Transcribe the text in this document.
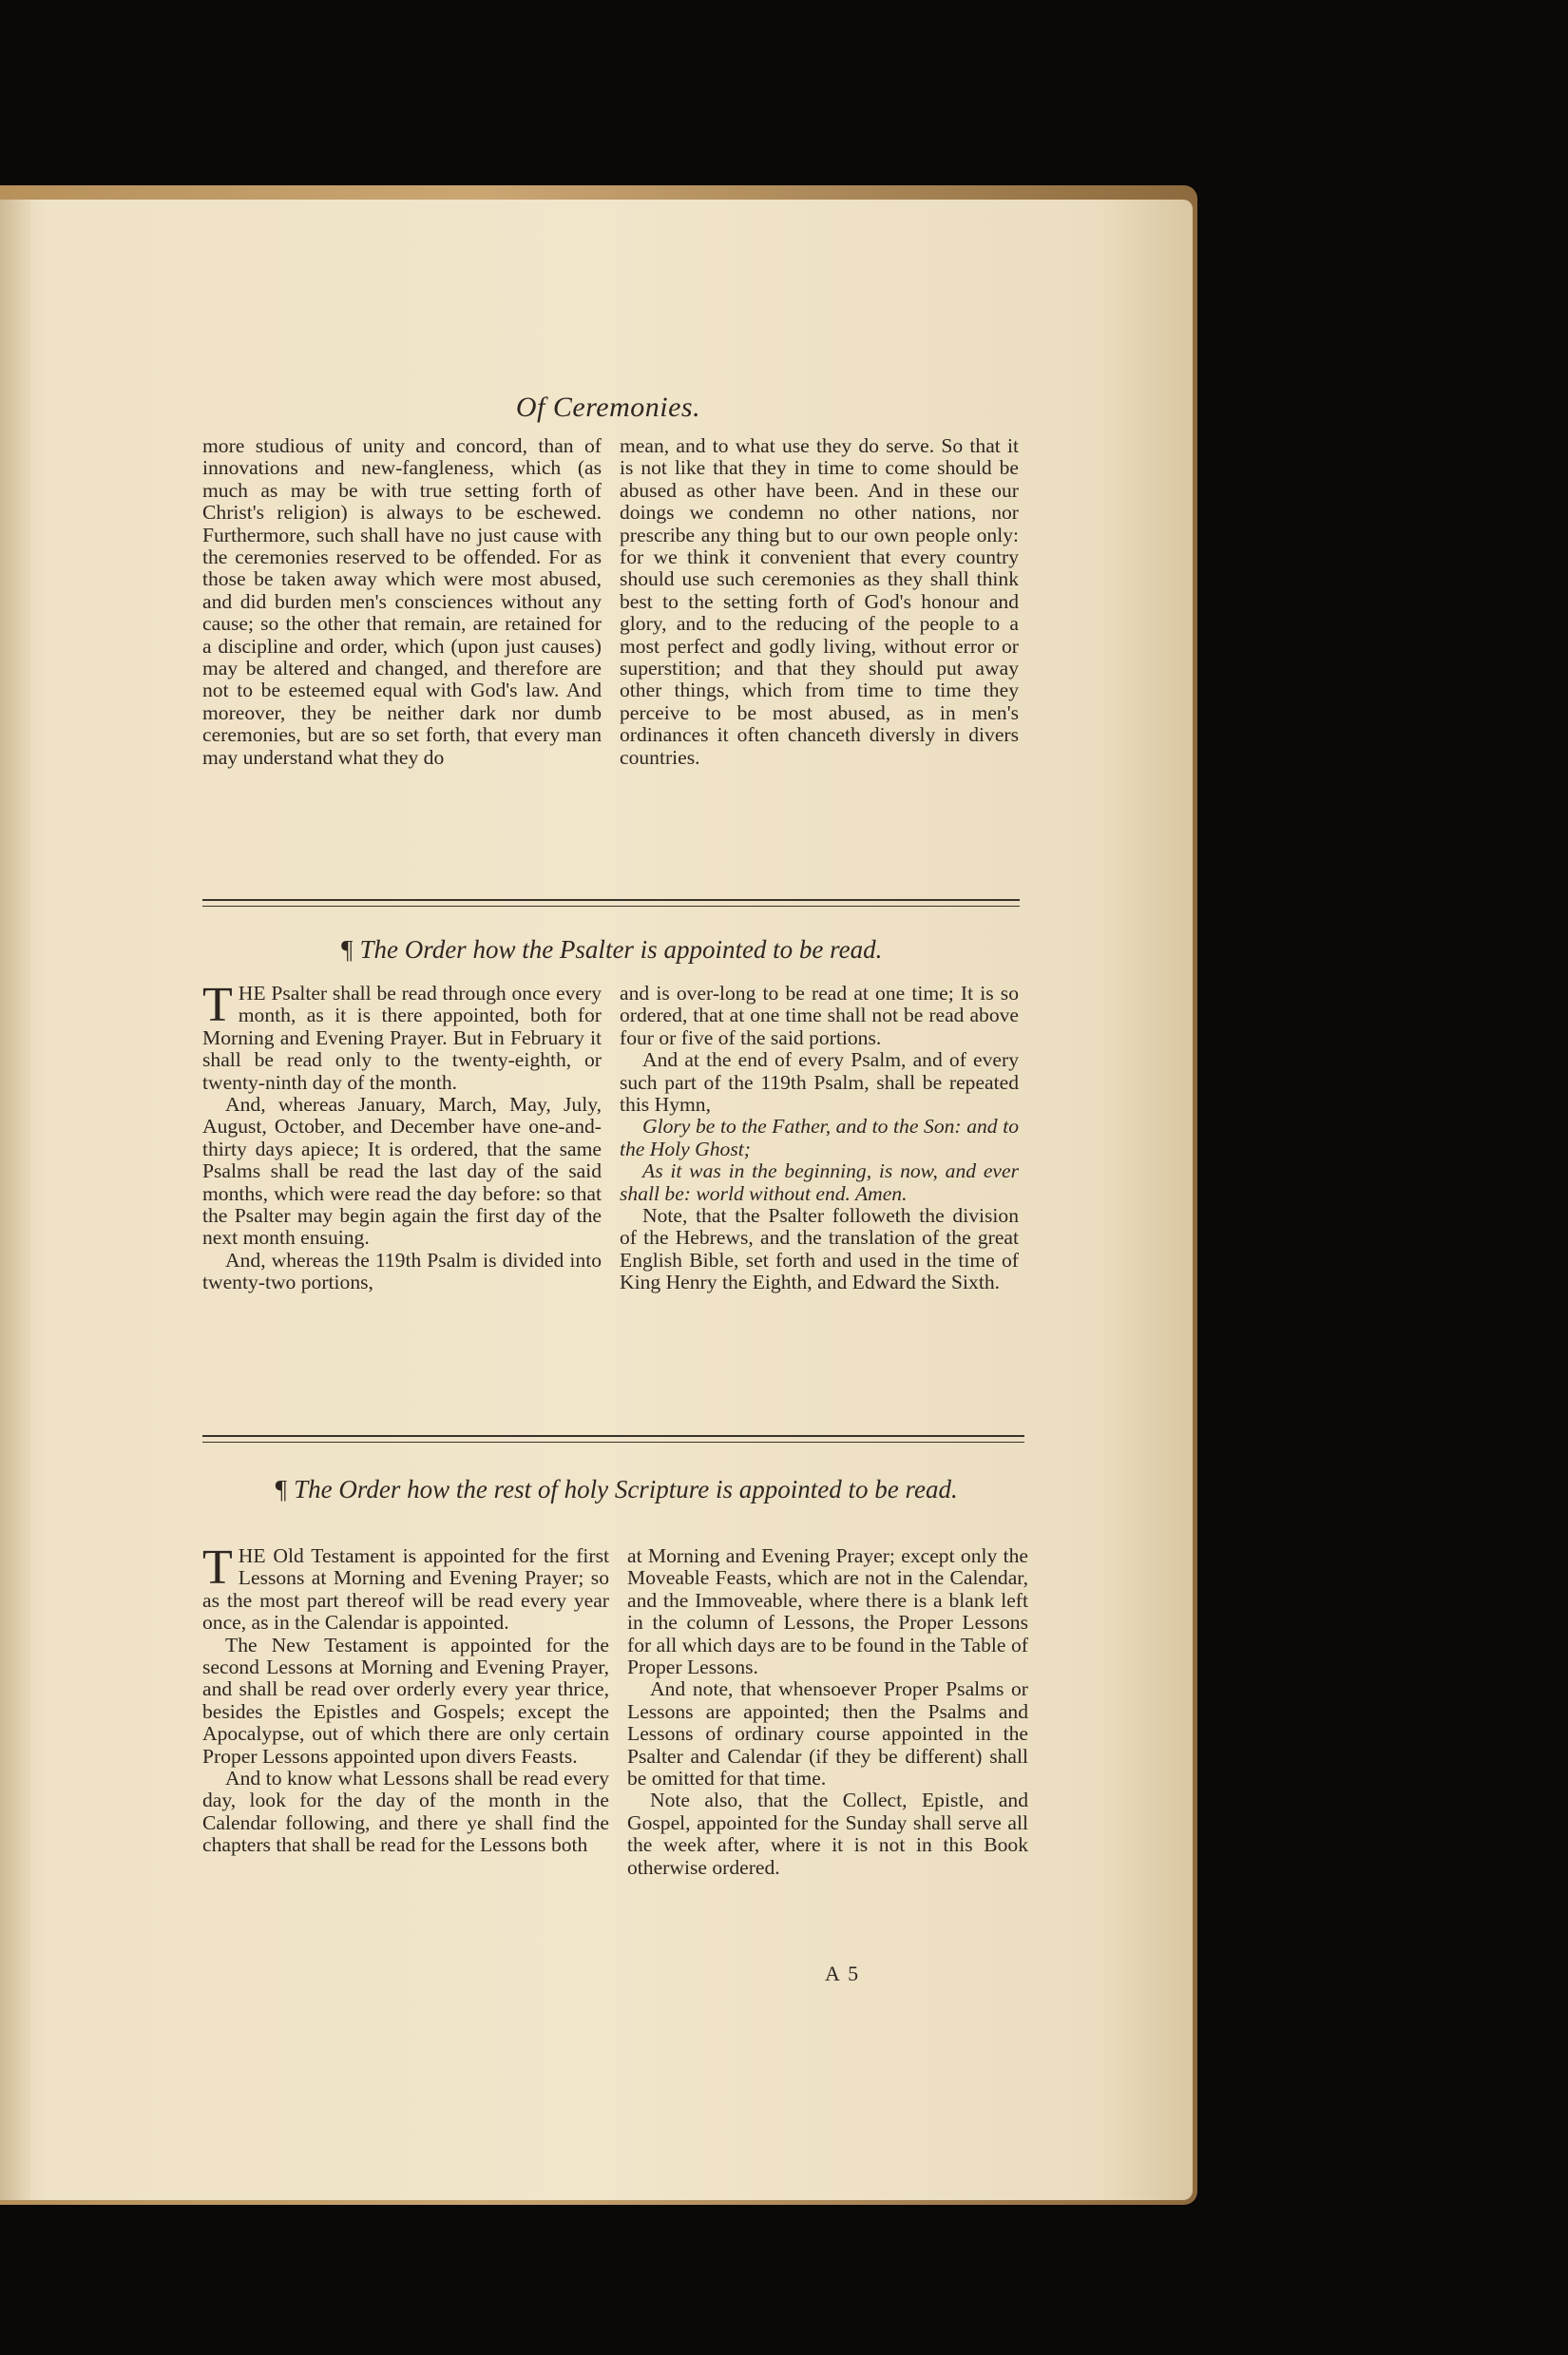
Of Ceremonies.

more studious of unity and concord, than of innovations and new-fangleness, which (as much as may be with true setting forth of Christ's religion) is always to be eschewed. Furthermore, such shall have no just cause with the ceremonies reserved to be offended. For as those be taken away which were most abused, and did burden men's consciences without any cause; so the other that remain, are retained for a discipline and order, which (upon just causes) may be altered and changed, and therefore are not to be esteemed equal with God's law. And moreover, they be neither dark nor dumb ceremonies, but are so set forth, that every man may understand what they do

mean, and to what use they do serve. So that it is not like that they in time to come should be abused as other have been. And in these our doings we condemn no other nations, nor prescribe any thing but to our own people only: for we think it convenient that every country should use such ceremonies as they shall think best to the setting forth of God's honour and glory, and to the reducing of the people to a most perfect and godly living, without error or superstition; and that they should put away other things, which from time to time they perceive to be most abused, as in men's ordinances it often chanceth diversly in divers countries.

¶ The Order how the Psalter is appointed to be read.

THE Psalter shall be read through once every month, as it is there appointed, both for Morning and Evening Prayer. But in February it shall be read only to the twenty-eighth, or twenty-ninth day of the month.

And, whereas January, March, May, July, August, October, and December have one-and-thirty days apiece; It is ordered, that the same Psalms shall be read the last day of the said months, which were read the day before: so that the Psalter may begin again the first day of the next month ensuing.

And, whereas the 119th Psalm is divided into twenty-two portions,

and is over-long to be read at one time; It is so ordered, that at one time shall not be read above four or five of the said portions.

And at the end of every Psalm, and of every such part of the 119th Psalm, shall be repeated this Hymn,

Glory be to the Father, and to the Son: and to the Holy Ghost;

As it was in the beginning, is now, and ever shall be: world without end. Amen.

Note, that the Psalter followeth the division of the Hebrews, and the translation of the great English Bible, set forth and used in the time of King Henry the Eighth, and Edward the Sixth.

¶ The Order how the rest of holy Scripture is appointed to be read.

THE Old Testament is appointed for the first Lessons at Morning and Evening Prayer; so as the most part thereof will be read every year once, as in the Calendar is appointed.

The New Testament is appointed for the second Lessons at Morning and Evening Prayer, and shall be read over orderly every year thrice, besides the Epistles and Gospels; except the Apocalypse, out of which there are only certain Proper Lessons appointed upon divers Feasts.

And to know what Lessons shall be read every day, look for the day of the month in the Calendar following, and there ye shall find the chapters that shall be read for the Lessons both

at Morning and Evening Prayer; except only the Moveable Feasts, which are not in the Calendar, and the Immoveable, where there is a blank left in the column of Lessons, the Proper Lessons for all which days are to be found in the Table of Proper Lessons.

And note, that whensoever Proper Psalms or Lessons are appointed; then the Psalms and Lessons of ordinary course appointed in the Psalter and Calendar (if they be different) shall be omitted for that time.

Note also, that the Collect, Epistle, and Gospel, appointed for the Sunday shall serve all the week after, where it is not in this Book otherwise ordered.

A 5
